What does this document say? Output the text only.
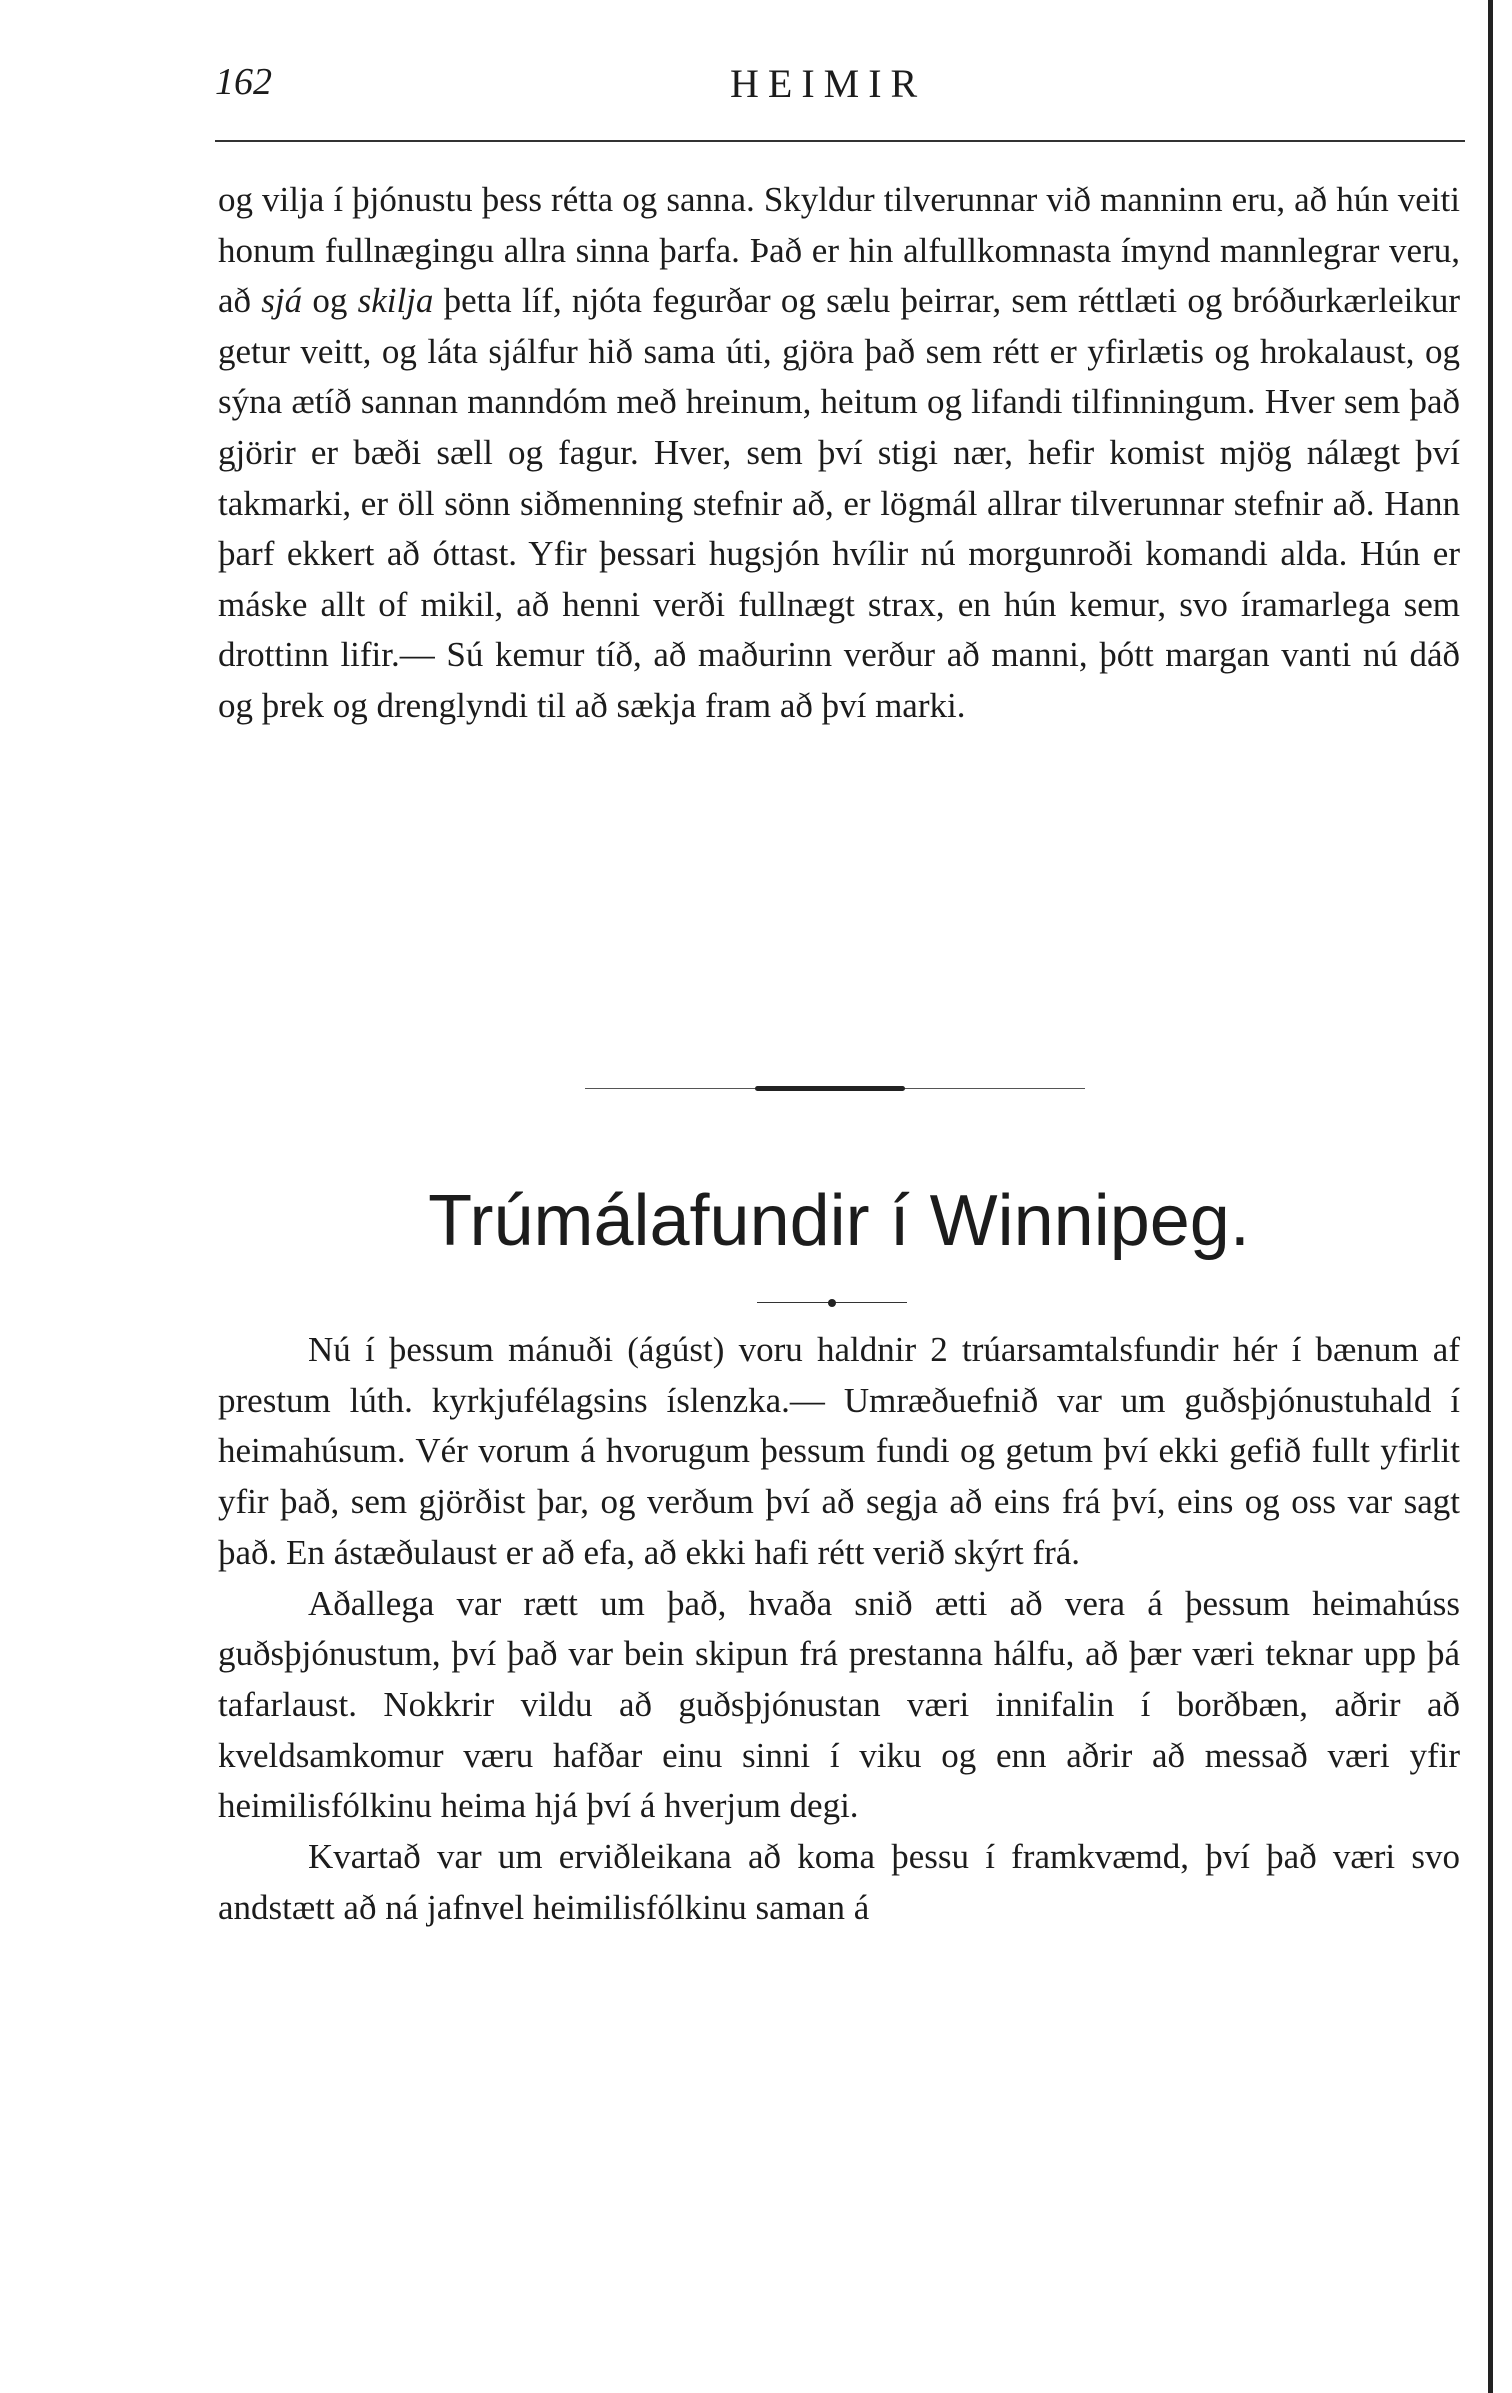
162	HEIMIR

og vilja í þjónustu þess rétta og sanna. Skyldur tilverunnar við manninn eru, að hún veiti honum fullnægingu allra sinna þarfa. Það er hin alfullkomnasta ímynd mannlegrar veru, að sjá og skilja þetta líf, njóta fegurðar og sælu þeirrar, sem réttlæti og bróðurkærleikur getur veitt, og láta sjálfur hið sama úti, gjöra það sem rétt er yfirlætis og hrokalaust, og sýna ætíð sannan manndóm með hreinum, heitum og lifandi tilfinningum. Hver sem það gjörir er bæði sæll og fagur. Hver, sem því stigi nær, hefir komist mjög nálægt því takmarki, er öll sönn siðmenning stefnir að, er lögmál allrar tilverunnar stefnir að. Hann þarf ekkert að óttast. Yfir þessari hugsjón hvílir nú morgunroði komandi alda. Hún er máske allt of mikil, að henni verði fullnægt strax, en hún kemur, svo íramarlega sem drottinn lifir.— Sú kemur tíð, að maðurinn verður að manni, þótt margan vanti nú dáð og þrek og drenglyndi til að sækja fram að því marki.

Trúmálafundir í Winnipeg.

Nú í þessum mánuði (ágúst) voru haldnir 2 trúarsamtalsfundir hér í bænum af prestum lúth. kyrkjufélagsins íslenzka.— Umræðuefnið var um guðsþjónustuhald í heimahúsum. Vér vorum á hvorugum þessum fundi og getum því ekki gefið fullt yfirlit yfir það, sem gjörðist þar, og verðum því að segja að eins frá því, eins og oss var sagt það. En ástæðulaust er að efa, að ekki hafi rétt verið skýrt frá.

Aðallega var rætt um það, hvaða snið ætti að vera á þessum heimahúss guðsþjónustum, því það var bein skipun frá prestanna hálfu, að þær væri teknar upp þá tafarlaust. Nokkrir vildu að guðsþjónustan væri innifalin í borðbæn, aðrir að kveldsamkomur væru hafðar einu sinni í viku og enn aðrir að messað væri yfir heimilisfólkinu heima hjá því á hverjum degi.

Kvartað var um erviðleikana að koma þessu í framkvæmd, því það væri svo andstætt að ná jafnvel heimilisfólkinu saman á
